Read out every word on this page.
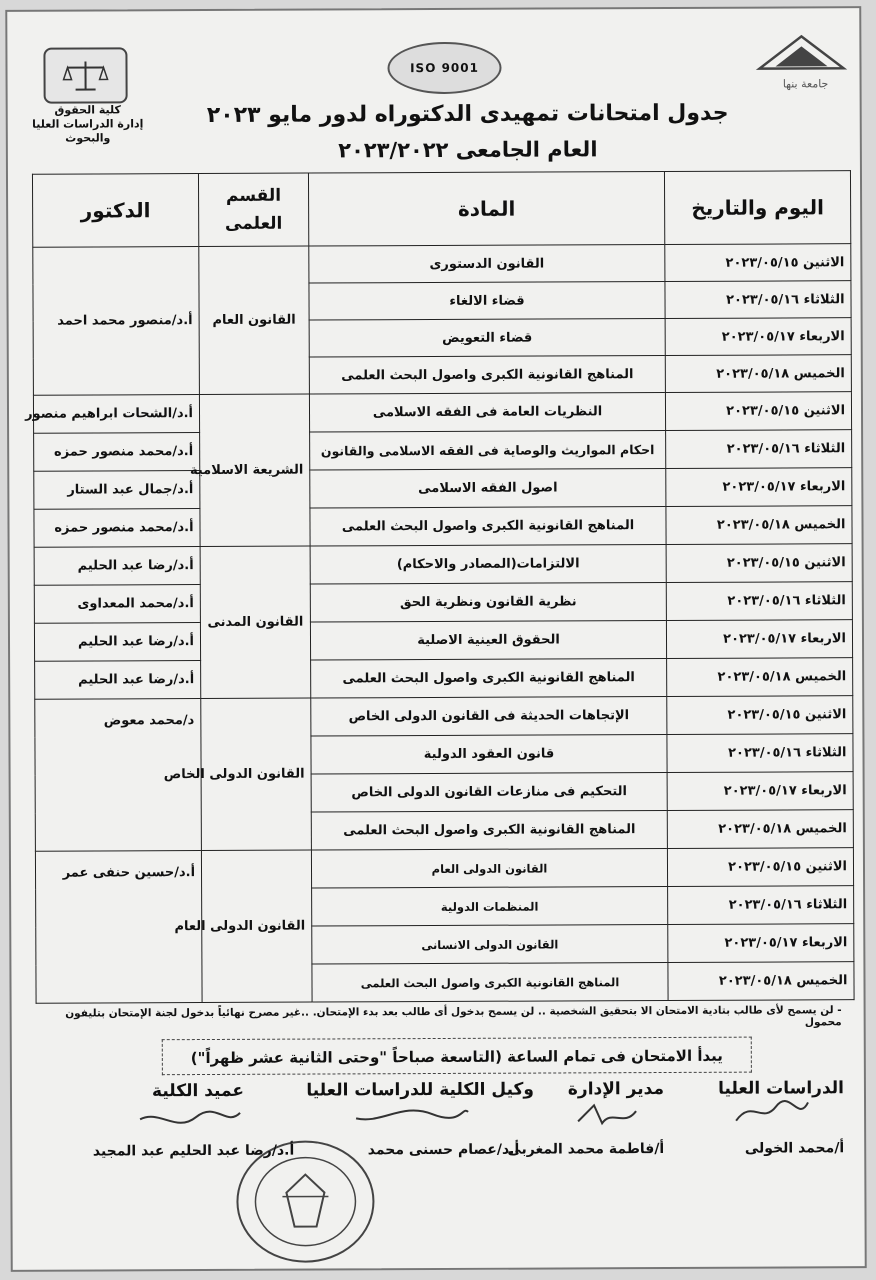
كلية الحقوق
إدارة الدراسات العليا والبحوث
ISO 9001
جامعة بنها
جدول امتحانات تمهيدى الدكتوراه لدور مايو ٢٠٢٣
العام الجامعى ٢٠٢٣/٢٠٢٢
اليوم والتاريخ	المادة	القسم العلمى	الدكتور
الاثنين ٢٠٢٣/٠٥/١٥	القانون الدستورى	القانون العام	أ.د/منصور محمد احمد
الثلاثاء ٢٠٢٣/٠٥/١٦	قضاء الالغاء		
الاربعاء ٢٠٢٣/٠٥/١٧	قضاء التعويض		
الخميس ٢٠٢٣/٠٥/١٨	المناهج القانونية الكبرى واصول البحث العلمى		
الاثنين ٢٠٢٣/٠٥/١٥	النظريات العامة فى الفقه الاسلامى	الشريعة الاسلامية	أ.د/الشحات ابراهيم منصور
الثلاثاء ٢٠٢٣/٠٥/١٦	احكام المواريث والوصاية فى الفقه الاسلامى والقانون		أ.د/محمد منصور حمزه
الاربعاء ٢٠٢٣/٠٥/١٧	اصول الفقه الاسلامى		أ.د/جمال عبد الستار
الخميس ٢٠٢٣/٠٥/١٨	المناهج القانونية الكبرى واصول البحث العلمى		أ.د/محمد منصور حمزه
الاثنين ٢٠٢٣/٠٥/١٥	الالتزامات(المصادر والاحكام)	القانون المدنى	أ.د/رضا عبد الحليم
الثلاثاء ٢٠٢٣/٠٥/١٦	نظرية القانون ونظرية الحق		أ.د/محمد المعداوى
الاربعاء ٢٠٢٣/٠٥/١٧	الحقوق العينية الاصلية		أ.د/رضا عبد الحليم
الخميس ٢٠٢٣/٠٥/١٨	المناهج القانونية الكبرى واصول البحث العلمى		أ.د/رضا عبد الحليم
الاثنين ٢٠٢٣/٠٥/١٥	الإتجاهات الحديثة فى القانون الدولى الخاص	القانون الدولى الخاص	د/محمد معوض
الثلاثاء ٢٠٢٣/٠٥/١٦	قانون العقود الدولية		
الاربعاء ٢٠٢٣/٠٥/١٧	التحكيم فى منازعات القانون الدولى الخاص		
الخميس ٢٠٢٣/٠٥/١٨	المناهج القانونية الكبرى واصول البحث العلمى		
الاثنين ٢٠٢٣/٠٥/١٥	القانون الدولى العام	القانون الدولى العام	أ.د/حسين حنفى عمر
الثلاثاء ٢٠٢٣/٠٥/١٦	المنظمات الدولية		
الاربعاء ٢٠٢٣/٠٥/١٧	القانون الدولى الانسانى		
الخميس ٢٠٢٣/٠٥/١٨	المناهج القانونية الكبرى واصول البحث العلمى		
- لن يسمح لأى طالب بتادية الامتحان الا بتحقيق الشخصية .. لن يسمح بدخول أى طالب بعد بدء الإمتحان. ..غير مصرح نهائياً بدخول لجنة الإمتحان بتليفون محمول
يبدأ الامتحان فى تمام الساعة (التاسعة صباحاً "وحتى الثانية عشر ظهراً")
الدراسات العليا
مدير الإدارة
وكيل الكلية للدراسات العليا
عميد الكلية
أ/محمد الخولى
أ/فاطمة محمد المغربى
أ.د/عصام حسنى محمد
أ.د/رضا عبد الحليم عبد المجيد
